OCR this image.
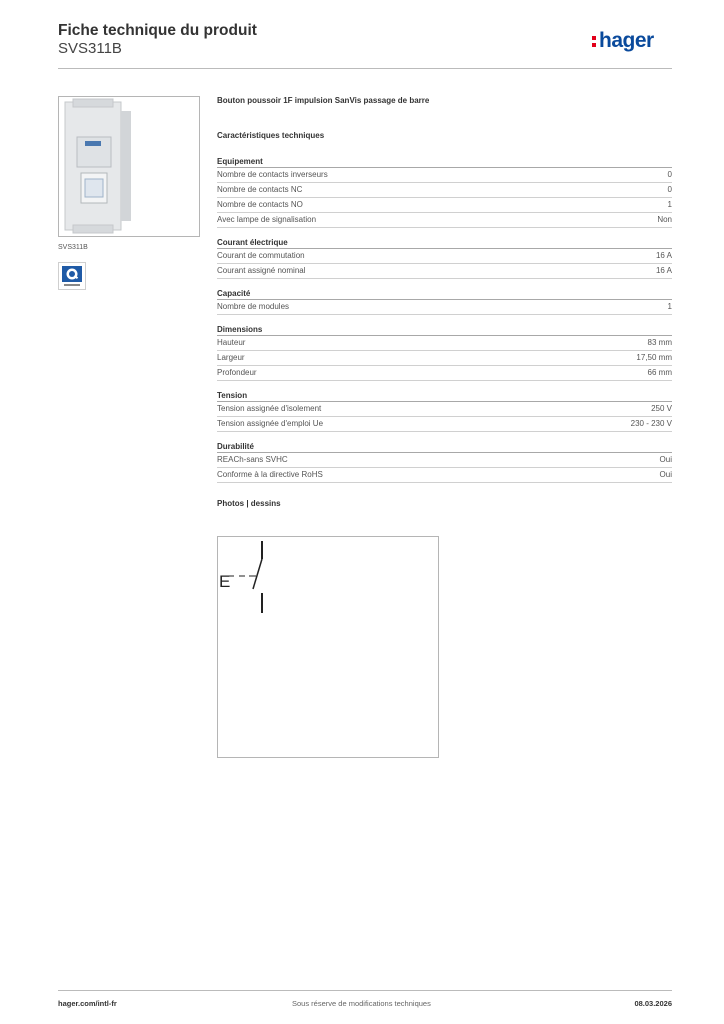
Fiche technique du produit
SVS311B	hager
SVS311B
Bouton poussoir 1F impulsion SanVis passage de barre
Caractéristiques techniques
Equipement
Nombre de contacts inverseurs	0
Nombre de contacts NC	0
Nombre de contacts NO	1
Avec lampe de signalisation	Non
Courant électrique
Courant de commutation	16 A
Courant assigné nominal	16 A
Capacité
Nombre de modules	1
Dimensions
Hauteur	83 mm
Largeur	17,50 mm
Profondeur	66 mm
Tension
Tension assignée d'isolement	250 V
Tension assignée d'emploi Ue	230 - 230 V
Durabilité
REACh-sans SVHC	Oui
Conforme à la directive RoHS	Oui
Photos | dessins
E
hager.com/intl-fr	Sous réserve de modifications techniques	08.03.2026
